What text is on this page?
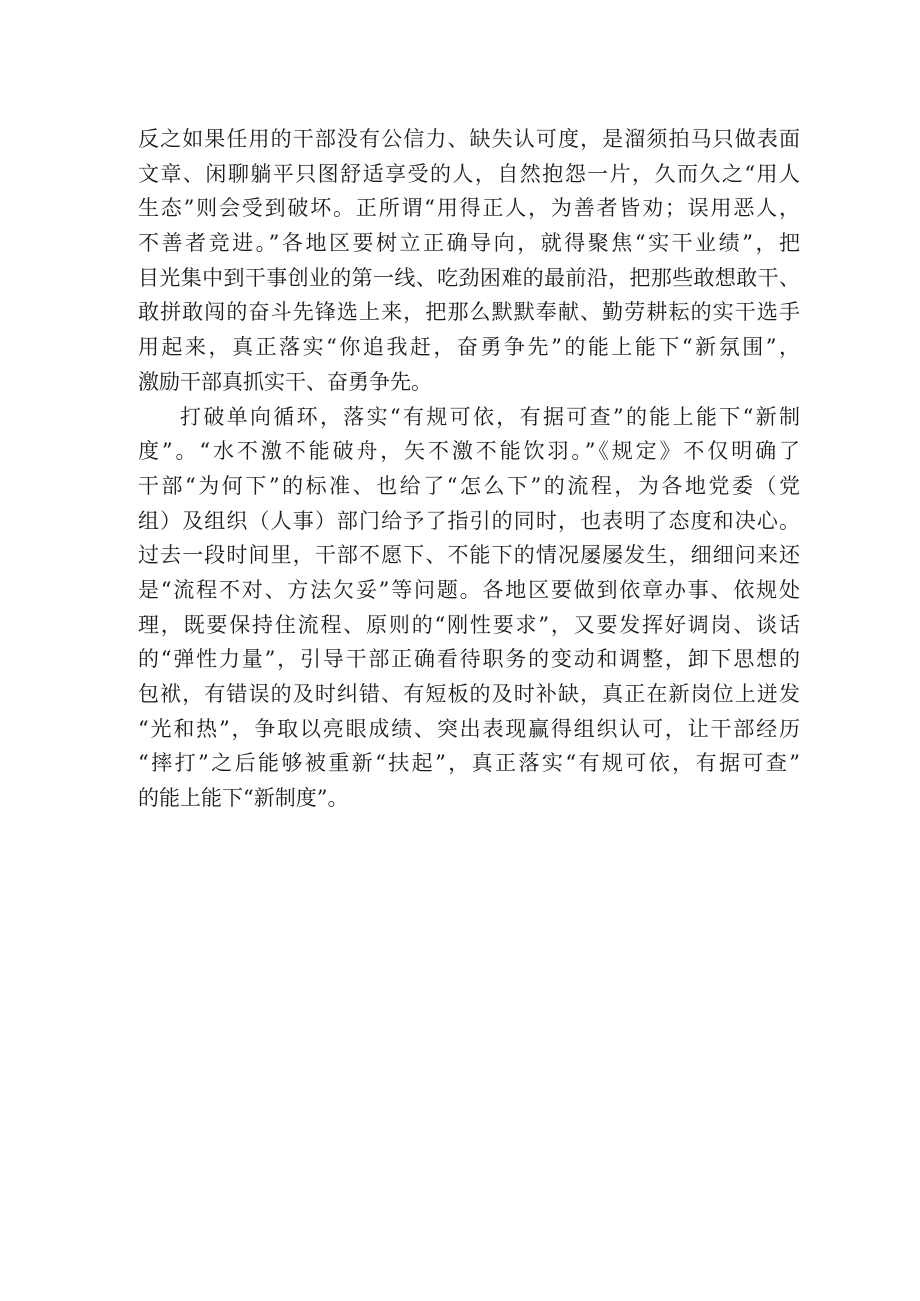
反之如果任用的干部没有公信力、缺失认可度，是溜须拍马只做表面
文章、闲聊躺平只图舒适享受的人，自然抱怨一片，久而久之“用人
生态”则会受到破坏。正所谓“用得正人，为善者皆劝；误用恶人，
不善者竞进。”各地区要树立正确导向，就得聚焦“实干业绩”，把
目光集中到干事创业的第一线、吃劲困难的最前沿，把那些敢想敢干、
敢拼敢闯的奋斗先锋选上来，把那么默默奉献、勤劳耕耘的实干选手
用起来，真正落实“你追我赶，奋勇争先”的能上能下“新氛围”，
激励干部真抓实干、奋勇争先。
打破单向循环，落实“有规可依，有据可查”的能上能下“新制
度”。“水不激不能破舟，矢不激不能饮羽。”《规定》不仅明确了
干部“为何下”的标准、也给了“怎么下”的流程，为各地党委（党
组）及组织（人事）部门给予了指引的同时，也表明了态度和决心。
过去一段时间里，干部不愿下、不能下的情况屡屡发生，细细问来还
是“流程不对、方法欠妥”等问题。各地区要做到依章办事、依规处
理，既要保持住流程、原则的“刚性要求”，又要发挥好调岗、谈话
的“弹性力量”，引导干部正确看待职务的变动和调整，卸下思想的
包袱，有错误的及时纠错、有短板的及时补缺，真正在新岗位上迸发
“光和热”，争取以亮眼成绩、突出表现赢得组织认可，让干部经历
“摔打”之后能够被重新“扶起”，真正落实“有规可依，有据可查”
的能上能下“新制度”。
